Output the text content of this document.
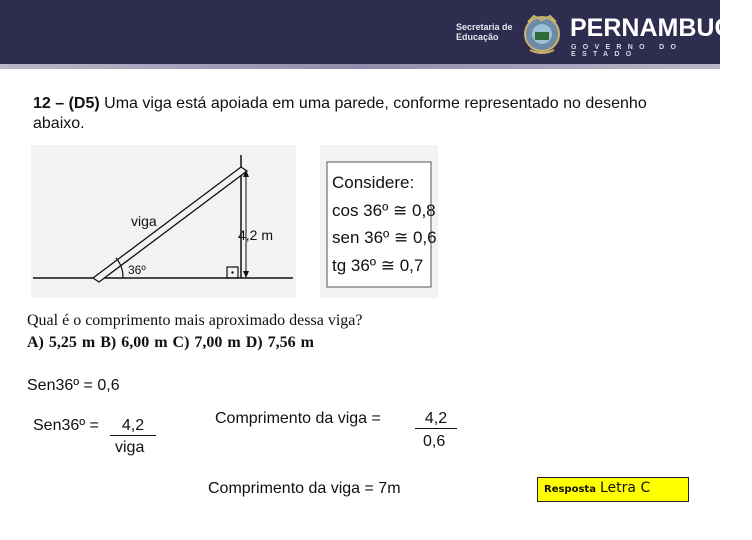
Secretaria de
Educação	PERNAMBUCO
GOVERNO DO ESTADO
12 – (D5) Uma viga está apoiada em uma parede, conforme representado no desenho abaixo.
viga
4,2 m
36º
Considere:
cos 36º ≅ 0,8
sen 36º ≅ 0,6
tg 36º ≅ 0,7
Qual é o comprimento mais aproximado dessa viga?
A) 5,25 m B) 6,00 m C) 7,00 m D) 7,56 m
Sen36º = 0,6
Sen36º =	4,2
viga
Comprimento da viga =	4,2
0,6
Comprimento da viga = 7m	Resposta Letra C
